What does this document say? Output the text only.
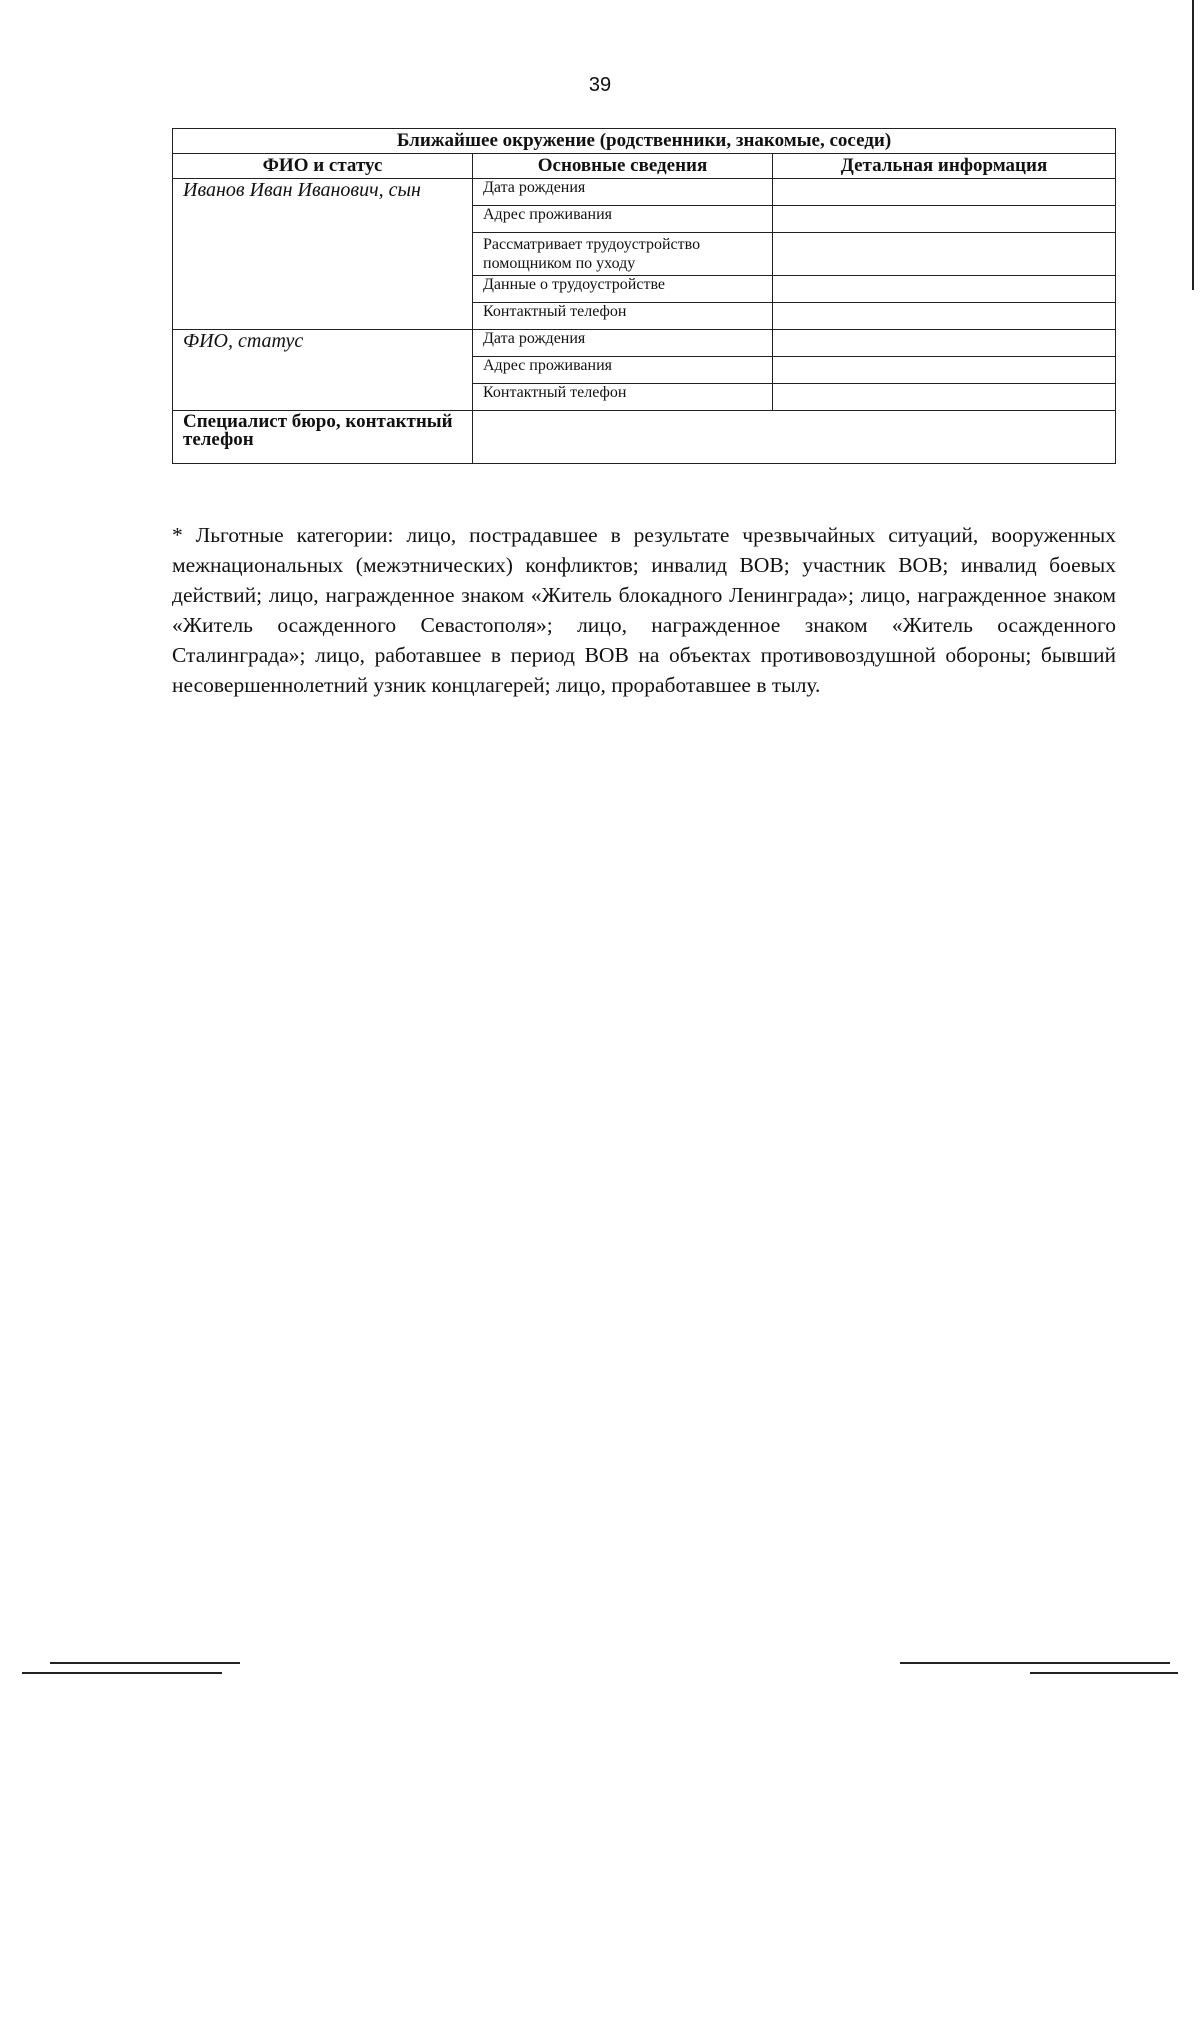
39
Ближайшее окружение (родственники, знакомые, соседи)		
ФИО и статус	Основные сведения	Детальная информация
Иванов Иван Иванович, сын	Дата рождения	
	Адрес проживания	
	Рассматривает трудоустройство помощником по уходу	
	Данные о трудоустройстве	
	Контактный телефон	
ФИО, статус	Дата рождения	
	Адрес проживания	
	Контактный телефон	
Специалист бюро, контактный телефон		
* Льготные категории: лицо, пострадавшее в результате чрезвычайных ситуаций, вооруженных межнациональных (межэтнических) конфликтов; инвалид ВОВ; участник ВОВ; инвалид боевых действий; лицо, награжденное знаком «Житель блокадного Ленинграда»; лицо, награжденное знаком «Житель осажденного Севастополя»; лицо, награжденное знаком «Житель осажденного Сталинграда»; лицо, работавшее в период ВОВ на объектах противовоздушной обороны; бывший несовершеннолетний узник концлагерей; лицо, проработавшее в тылу.
